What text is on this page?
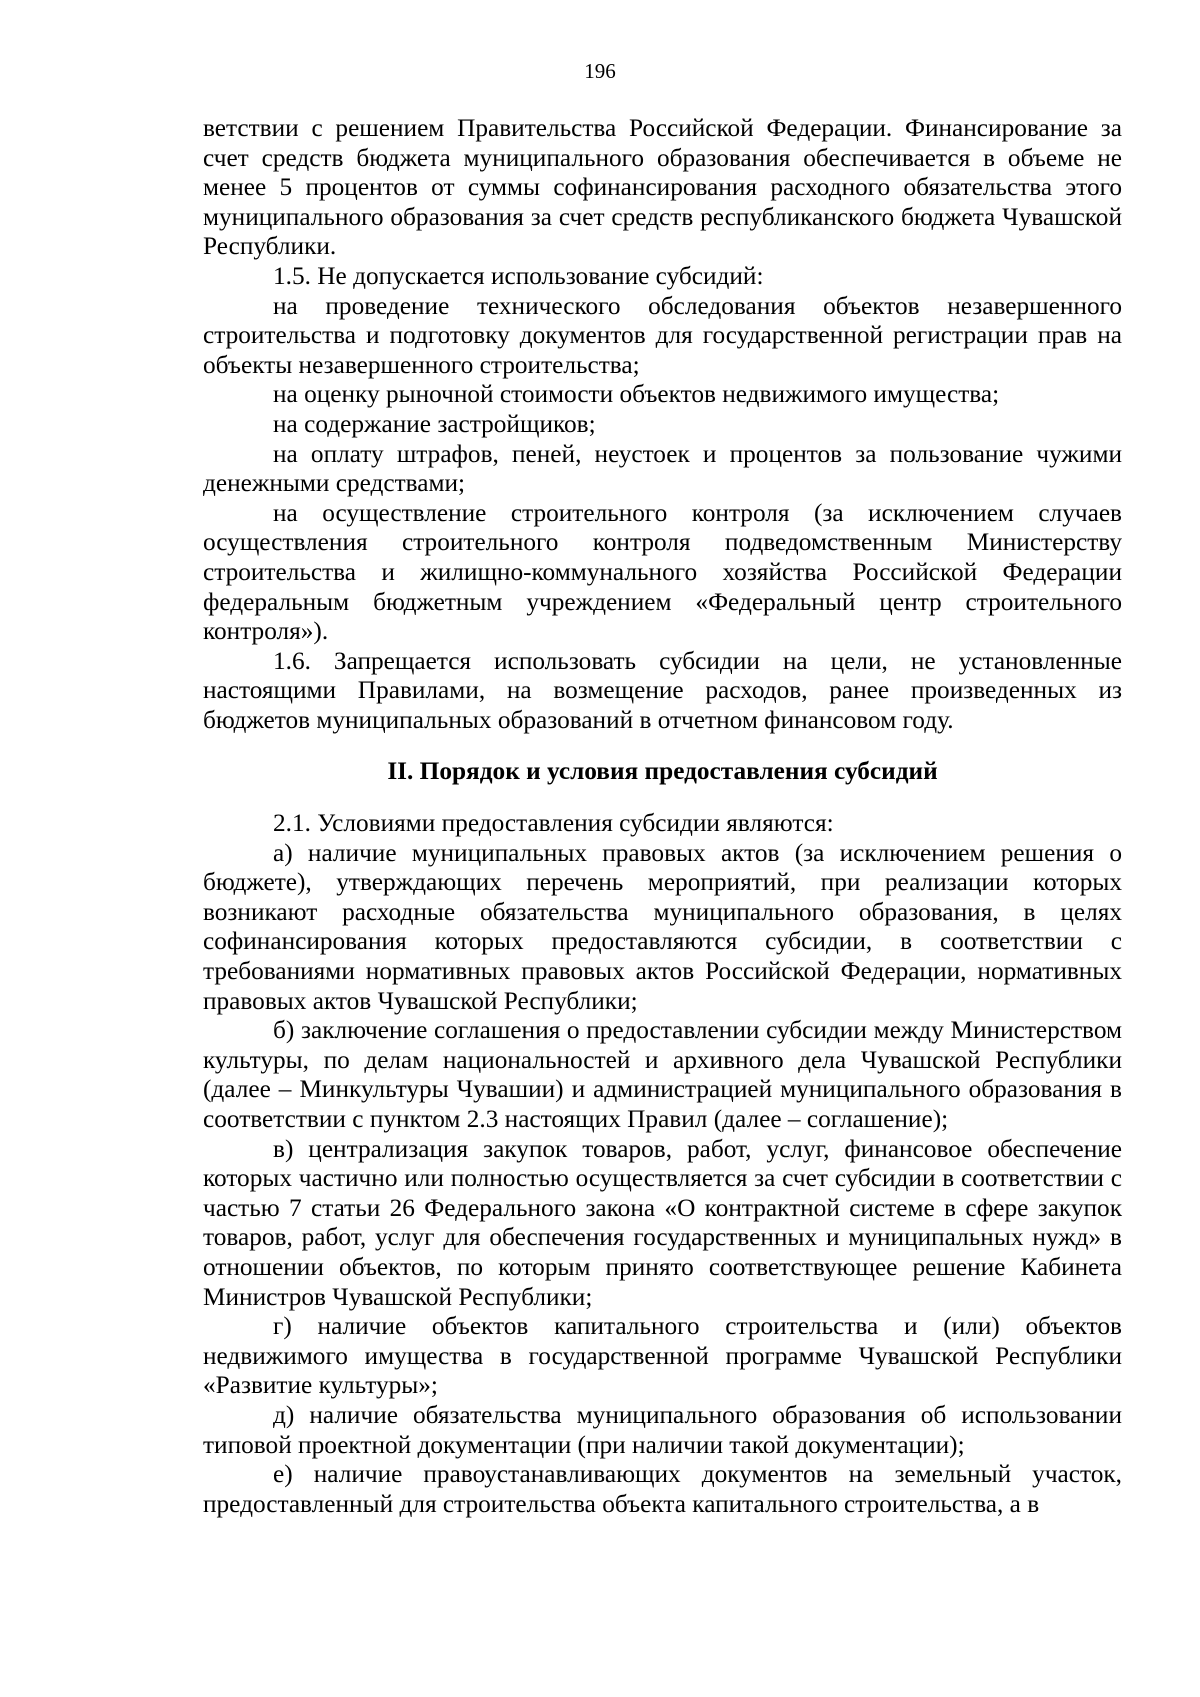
196

ветствии с решением Правительства Российской Федерации. Финансирование за счет средств бюджета муниципального образования обеспечивается в объеме не менее 5 процентов от суммы софинансирования расходного обязательства этого муниципального образования за счет средств республиканского бюджета Чувашской Республики.

1.5. Не допускается использование субсидий:

на проведение технического обследования объектов незавершенного строительства и подготовку документов для государственной регистрации прав на объекты незавершенного строительства;

на оценку рыночной стоимости объектов недвижимого имущества;

на содержание застройщиков;

на оплату штрафов, пеней, неустоек и процентов за пользование чужими денежными средствами;

на осуществление строительного контроля (за исключением случаев осуществления строительного контроля подведомственным Министерству строительства и жилищно-коммунального хозяйства Российской Федерации федеральным бюджетным учреждением «Федеральный центр строительного контроля»).

1.6. Запрещается использовать субсидии на цели, не установленные настоящими Правилами, на возмещение расходов, ранее произведенных из бюджетов муниципальных образований в отчетном финансовом году.

II. Порядок и условия предоставления субсидий

2.1. Условиями предоставления субсидии являются:

а) наличие муниципальных правовых актов (за исключением решения о бюджете), утверждающих перечень мероприятий, при реализации которых возникают расходные обязательства муниципального образования, в целях софинансирования которых предоставляются субсидии, в соответствии с требованиями нормативных правовых актов Российской Федерации, нормативных правовых актов Чувашской Республики;

б) заключение соглашения о предоставлении субсидии между Министерством культуры, по делам национальностей и архивного дела Чувашской Республики (далее – Минкультуры Чувашии) и администрацией муниципального образования в соответствии с пунктом 2.3 настоящих Правил (далее – соглашение);

в) централизация закупок товаров, работ, услуг, финансовое обеспечение которых частично или полностью осуществляется за счет субсидии в соответствии с частью 7 статьи 26 Федерального закона «О контрактной системе в сфере закупок товаров, работ, услуг для обеспечения государственных и муниципальных нужд» в отношении объектов, по которым принято соответствующее решение Кабинета Министров Чувашской Республики;

г) наличие объектов капитального строительства и (или) объектов недвижимого имущества в государственной программе Чувашской Республики «Развитие культуры»;

д) наличие обязательства муниципального образования об использовании типовой проектной документации (при наличии такой документации);

е) наличие правоустанавливающих документов на земельный участок, предоставленный для строительства объекта капитального строительства, а в
